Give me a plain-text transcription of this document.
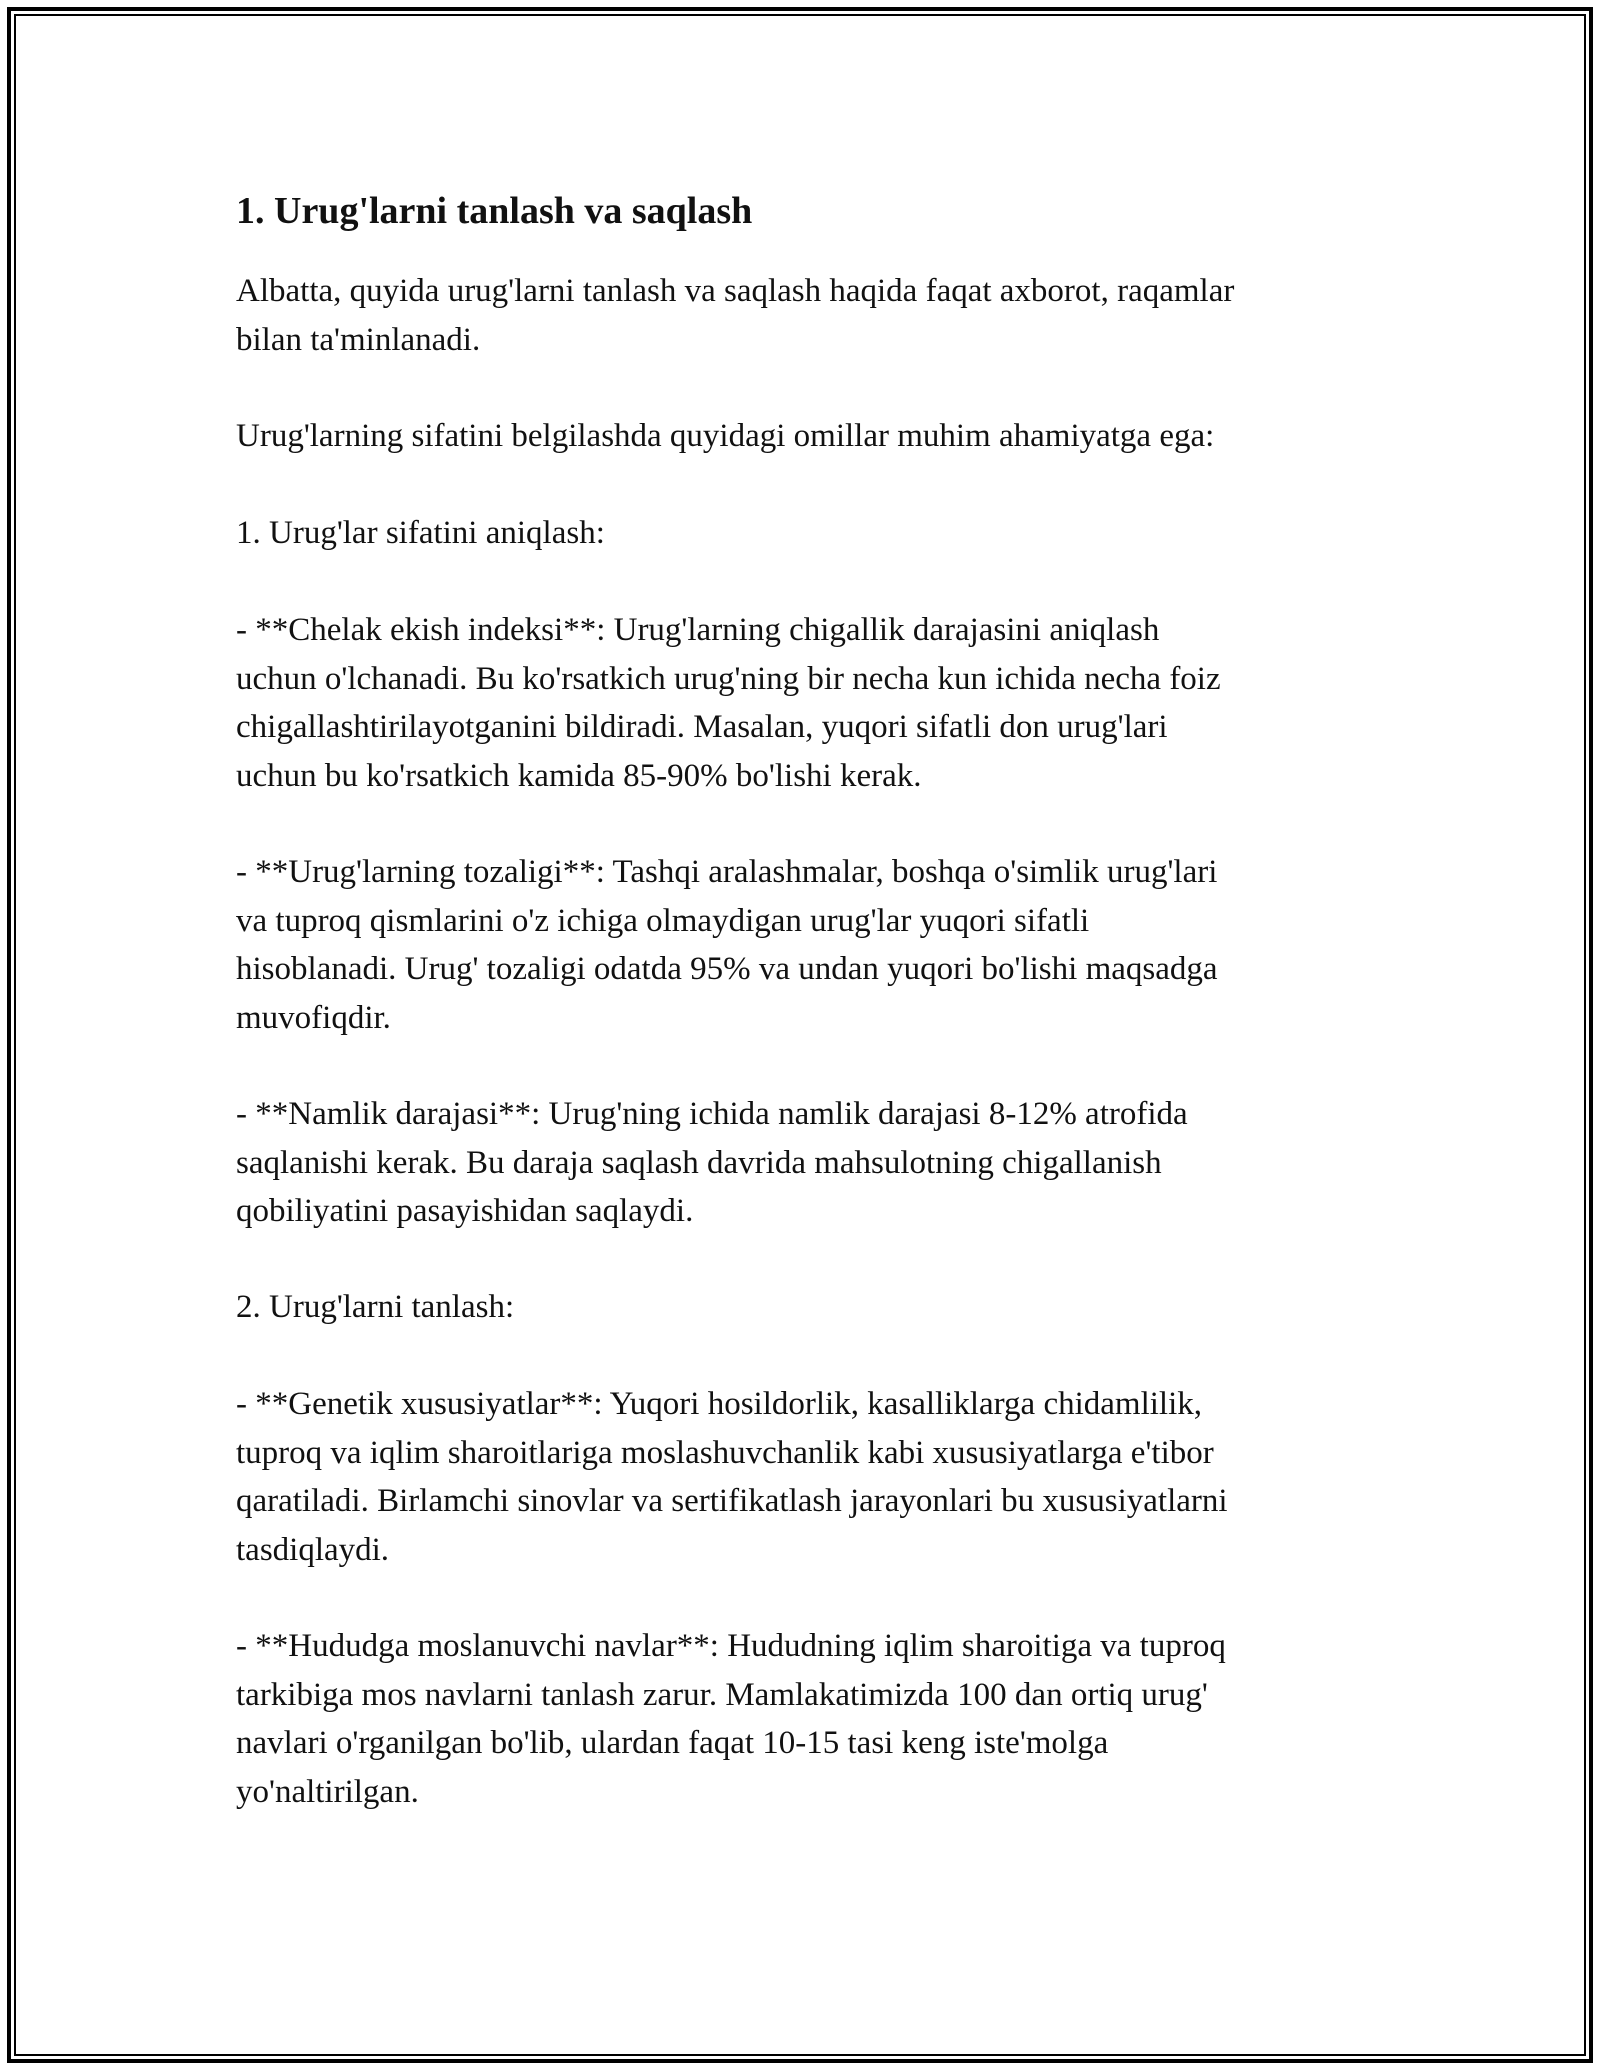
1. Urug'larni tanlash va saqlash

Albatta, quyida urug'larni tanlash va saqlash haqida faqat axborot, raqamlar
bilan ta'minlanadi.

Urug'larning sifatini belgilashda quyidagi omillar muhim ahamiyatga ega:

1. Urug'lar sifatini aniqlash:

- **Chelak ekish indeksi**: Urug'larning chigallik darajasini aniqlash
uchun o'lchanadi. Bu ko'rsatkich urug'ning bir necha kun ichida necha foiz
chigallashtirilayotganini bildiradi. Masalan, yuqori sifatli don urug'lari
uchun bu ko'rsatkich kamida 85-90% bo'lishi kerak.

- **Urug'larning tozaligi**: Tashqi aralashmalar, boshqa o'simlik urug'lari
va tuproq qismlarini o'z ichiga olmaydigan urug'lar yuqori sifatli
hisoblanadi. Urug' tozaligi odatda 95% va undan yuqori bo'lishi maqsadga
muvofiqdir.

- **Namlik darajasi**: Urug'ning ichida namlik darajasi 8-12% atrofida
saqlanishi kerak. Bu daraja saqlash davrida mahsulotning chigallanish
qobiliyatini pasayishidan saqlaydi.

2. Urug'larni tanlash:

- **Genetik xususiyatlar**: Yuqori hosildorlik, kasalliklarga chidamlilik,
tuproq va iqlim sharoitlariga moslashuvchanlik kabi xususiyatlarga e'tibor
qaratiladi. Birlamchi sinovlar va sertifikatlash jarayonlari bu xususiyatlarni
tasdiqlaydi.

- **Hududga moslanuvchi navlar**: Hududning iqlim sharoitiga va tuproq
tarkibiga mos navlarni tanlash zarur. Mamlakatimizda 100 dan ortiq urug'
navlari o'rganilgan bo'lib, ulardan faqat 10-15 tasi keng iste'molga
yo'naltirilgan.
